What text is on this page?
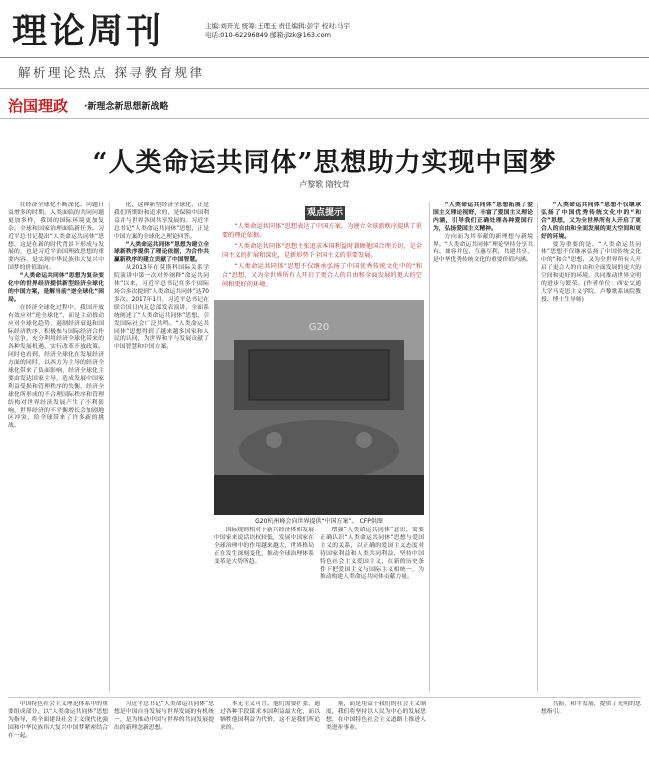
理论周刊	主编:刘开光 统筹:王理玉 责任编辑:彭宇 校对:马宇
电话:010-62296849 邮箱:jlzk@163.com
解析理论热点 探寻教育规律
治国理政 ·新理念新思想新战略
“人类命运共同体”思想助力实现中国梦
卢黎歌 隋牧茸

在经济全球化不断深化、问题日益增多的时期，人类面临的共同问题更加多样，我国的国际环境更加复杂。全球和国家治理面临新任务。习近平总书记提出“人类命运共同体”思想，这是在新的时代背景下形成与发展的，也是习近平治国理政思想的重要内容，是实现中华民族伟大复兴中国梦的价值取向。

“人类命运共同体”思想为复杂变化中的世界经济提供新型经济全球化的中国方案，是解当前“逆全球化”困局。

在经济全球化过程中，我国开放有效应对“逆全球化”，而是主动推动应对全球化趋势，遏制经济衰退和国际经济秩序，积极参与国际经济合作与竞争，充分利用经济全球化带来的各种发展机遇，实行改革开放政策。同时也看到，经济全球化在发展经济方面的同时，以西方为主导的经济全球化带来了负面影响，经济全球化主要由发达国家主导，造成发展中国家利益受损和管理秩序的失衡，经济全球化所形成的不合理国际秩序和管理结构对世界经济发展产生了不利影响，世界经济的不平衡增长会加剧地区冲突，给全球带来了许多新的挑战。

化，这种新型经济全球化，正是我们所期盼和追求的，是保障中国利益并与世界各国共享发展的。习近平总书记“人类命运共同体”思想，正是中国方案的全球化之理论回答。

“人类命运共同体”思想为建立全球新秩序提供了理论依据，为合作共赢新秩序的建立贡献了中国智慧。

从2013年在莫斯科国际关系学院演讲中第一次对外阐释“命运共同体”以来，习近平总书记在多个国际场合多次提到“人类命运共同体”达70多次。2017年1月，习近平总书记在联合国日内瓦总部发表演讲，全面系统阐述了“人类命运共同体”思想，引发国际社会广泛共鸣。“人类命运共同体”思想得到了越来越多国家和人民的认同，为世界和平与发展贡献了中国智慧和中国方案。

观点提示

“人类命运共同体”思想表达了中国方案，为建立全球新秩序提供了重要的理论依据。

“人类命运共同体”思想主张追求本国利益时兼顾他国合理关切，是全国主义的扩展和深化，是新形势下全国主义的重要发展。

“人类命运共同体”思想不仅继承弘扬了中国优秀传统文化中的“和合”思想，又为全世界所有人开启了更合人的自由和全面发展的更大的空间和更好的环境。

G20
G20杭州峰会向世界提供“中国方案”。 CFP供图

国际规则相对于新兴经济体和发展中国家来说话语权较低，发展中国家在全球治理中的作用越来越大，世界格局正在发生深刻变化，推动全球治理体系变革是大势所趋。

增强“人类命运共同体”意识，需要正确认识“人类命运共同体”思想与爱国主义的关系，以正确的爱国主义态度对待国家利益和人类共同利益，坚持中国特色社会主义爱国主义，在新的历史条件下把爱国主义与国际主义相统一，为推动构建人类命运共同体贡献力量。

“人类命运共同体”思想拓展了爱国主义理论视野，丰富了爱国主义理论内涵，引导我们正确处理各种爱国行为，弘扬爱国主义精神。

方向而为其奉献的新理想与新境界。“人类命运共同体”理论坚持分享共有、兼容并包，互惠互利，共建共享，是中华优秀传统文化的重要价值内涵。

“人类命运共同体”思想不仅继承弘扬了中国优秀传统文化中的“和合”思想，又为全世界所有人开启了更合人的自由和全面发展的更大空间和更好的环境。

要为重要的是，“人类命运共同体”思想不仅继承弘扬了中国传统文化中的“和合”思想，又为全世界所有人开启了更合人的自由和全面发展的更大的空间和更好的环境，共同推动世界文明的进步与繁荣。(作者单位：西安交通大学马克思主义学院，卢黎歌系该院教授、博士生导师)

中国特色社会主义理论体系中的重要组成部分，以“人类命运共同体”思想为指导，将全面建设社会主义现代化强国和中华民族伟大复兴中国梦紧密结合在一起。

习近平总书记“人类命运共同体”思想是中国自身发展与世界发展的有机统一，是为推动中国与世界的共同发展提出的新理念新思想。

本无主义可言。他们需要扩张，通过各种手段谋求本国利益最大化，而以牺牲他国利益为代价，这不是我们所追求的。

量，而是用益于我们的社会主义制度，我们将坚持以人民为中心的发展思想，在中国特色社会主义道路上推进人类进步事业。

共振，和平发展，提供了光明的思想指引。
